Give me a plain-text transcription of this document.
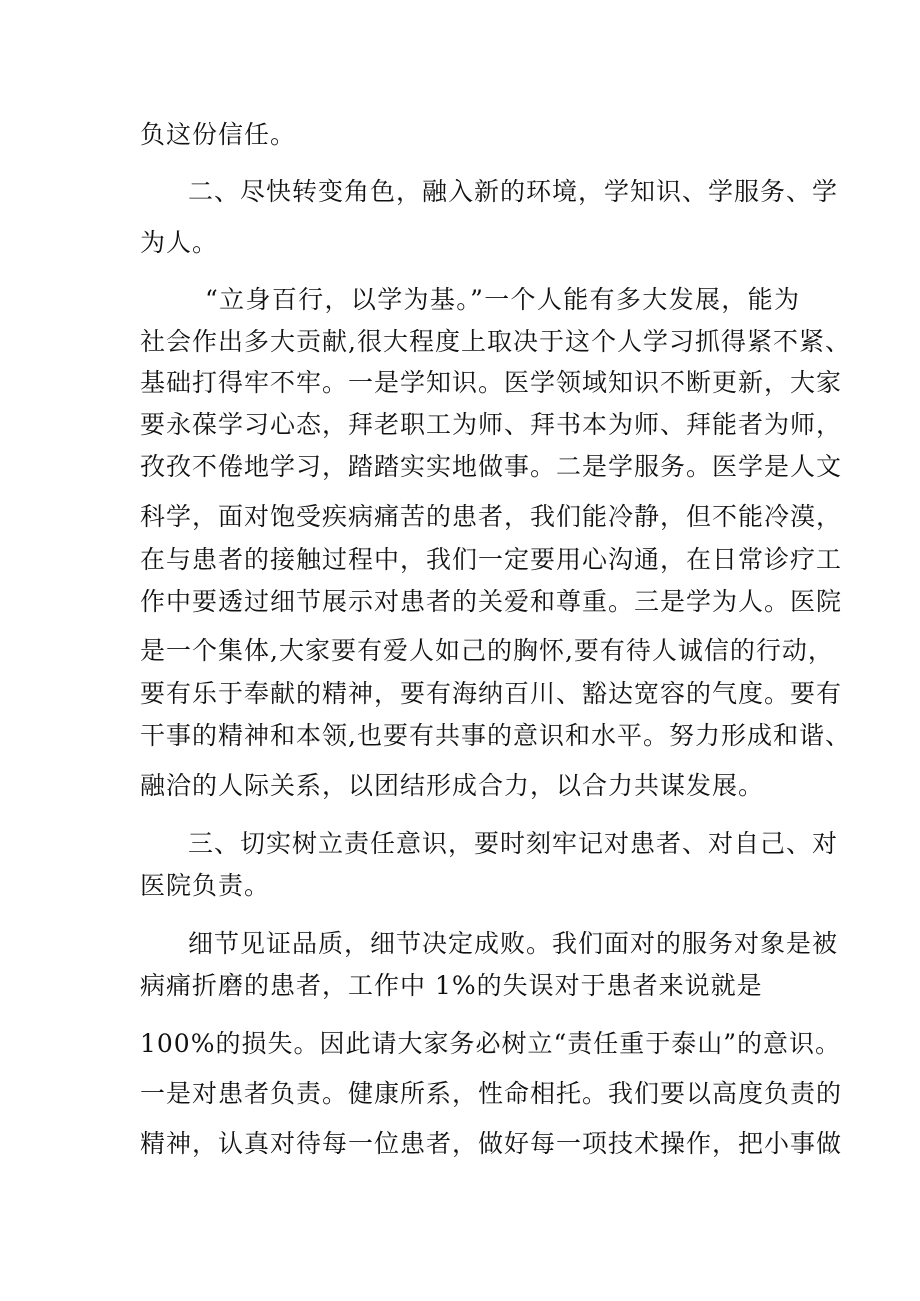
负这份信任。
二、尽快转变角色，融入新的环境，学知识、学服务、学
为人。
“立身百行，以学为基。”一个人能有多大发展，能为
社会作出多大贡献,很大程度上取决于这个人学习抓得紧不紧、
基础打得牢不牢。一是学知识。医学领域知识不断更新，大家
要永葆学习心态，拜老职工为师、拜书本为师、拜能者为师，
孜孜不倦地学习，踏踏实实地做事。二是学服务。医学是人文
科学，面对饱受疾病痛苦的患者，我们能冷静，但不能冷漠，
在与患者的接触过程中，我们一定要用心沟通，在日常诊疗工
作中要透过细节展示对患者的关爱和尊重。三是学为人。医院
是一个集体,大家要有爱人如己的胸怀,要有待人诚信的行动，
要有乐于奉献的精神，要有海纳百川、豁达宽容的气度。要有
干事的精神和本领,也要有共事的意识和水平。努力形成和谐、
融洽的人际关系，以团结形成合力，以合力共谋发展。
三、切实树立责任意识，要时刻牢记对患者、对自己、对
医院负责。
细节见证品质，细节决定成败。我们面对的服务对象是被
病痛折磨的患者，工作中 1%的失误对于患者来说就是
100%的损失。因此请大家务必树立“责任重于泰山”的意识。
一是对患者负责。健康所系，性命相托。我们要以高度负责的
精神，认真对待每一位患者，做好每一项技术操作，把小事做
